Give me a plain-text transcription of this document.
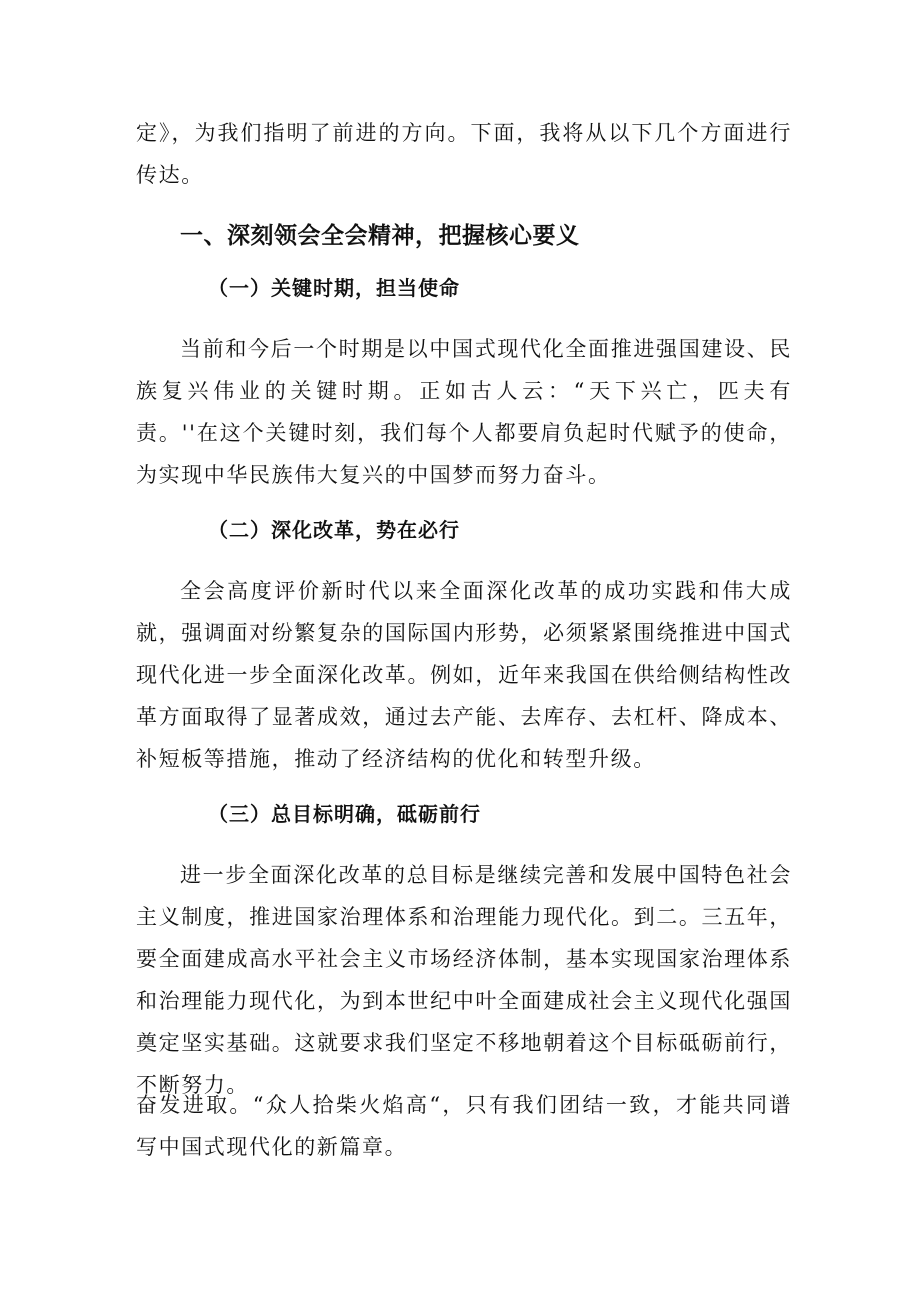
定》，为我们指明了前进的方向。下面，我将从以下几个方面进行传达。

一、深刻领会全会精神，把握核心要义
（一）关键时期，担当使命

当前和今后一个时期是以中国式现代化全面推进强国建设、民族复兴伟业的关键时期。正如古人云：“天下兴亡，匹夫有责。''在这个关键时刻，我们每个人都要肩负起时代赋予的使命，为实现中华民族伟大复兴的中国梦而努力奋斗。

（二）深化改革，势在必行

全会高度评价新时代以来全面深化改革的成功实践和伟大成就，强调面对纷繁复杂的国际国内形势，必须紧紧围绕推进中国式现代化进一步全面深化改革。例如，近年来我国在供给侧结构性改革方面取得了显著成效，通过去产能、去库存、去杠杆、降成本、补短板等措施，推动了经济结构的优化和转型升级。

（三）总目标明确，砥砺前行

进一步全面深化改革的总目标是继续完善和发展中国特色社会主义制度，推进国家治理体系和治理能力现代化。到二。三五年，要全面建成高水平社会主义市场经济体制，基本实现国家治理体系和治理能力现代化，为到本世纪中叶全面建成社会主义现代化强国奠定坚实基础。这就要求我们坚定不移地朝着这个目标砥砺前行，不断努力。

奋发进取。“众人拾柴火焰高“，只有我们团结一致，才能共同谱写中国式现代化的新篇章。
